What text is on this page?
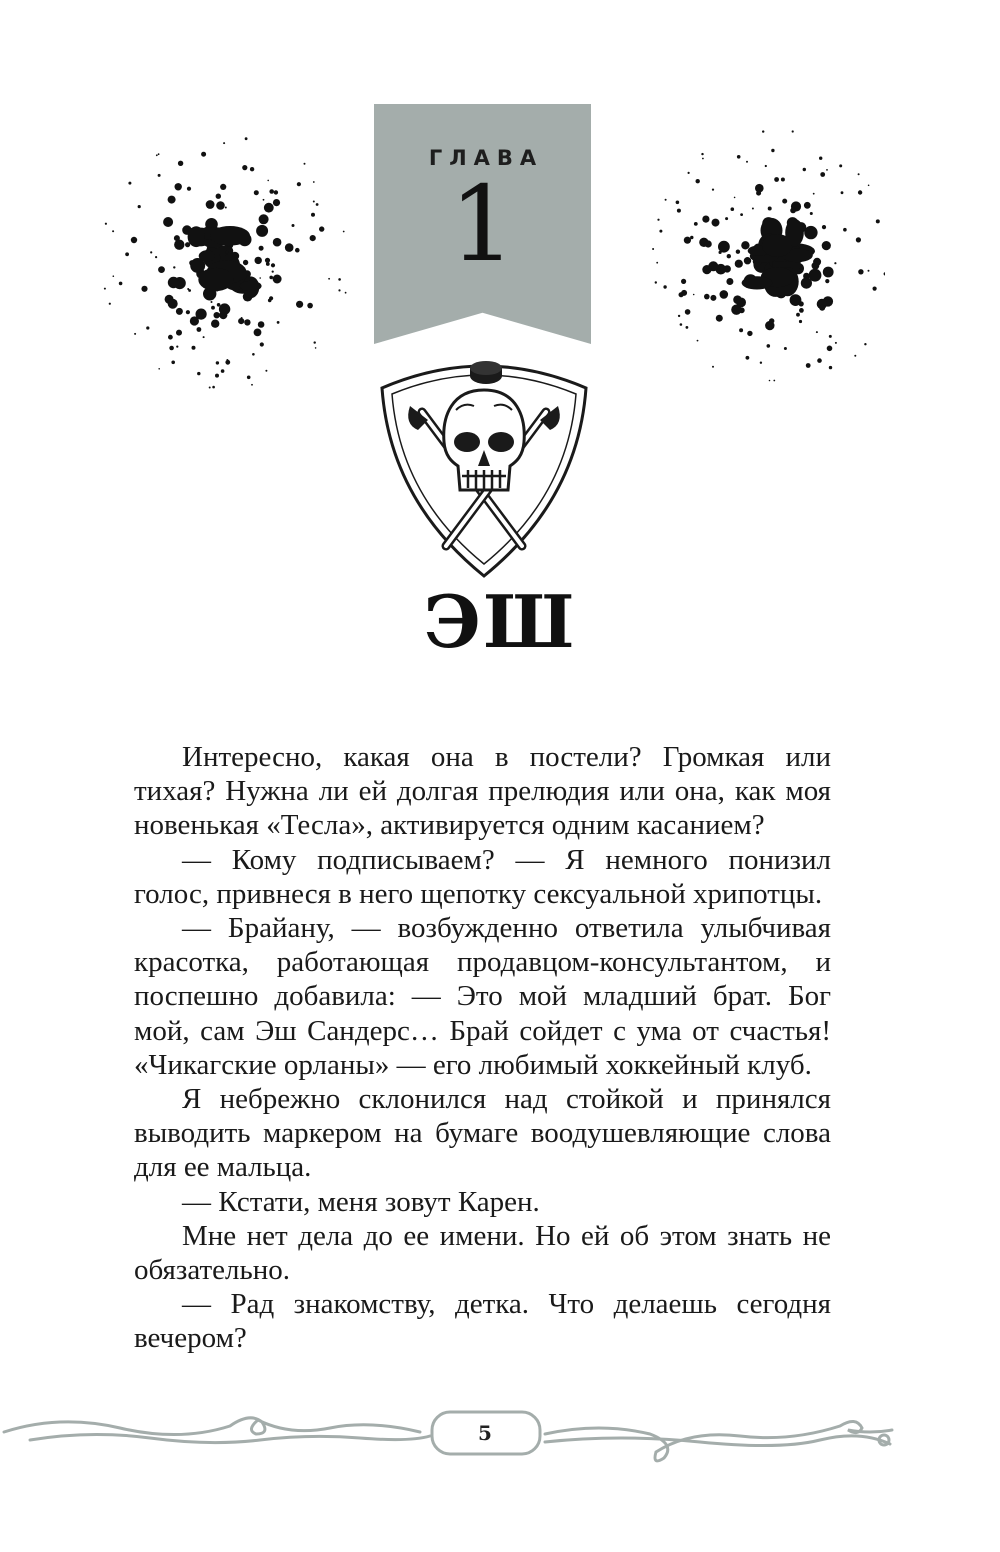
ГЛАВА
1
ЭШ

Интересно, какая она в постели? Громкая или тихая? Нужна ли ей долгая прелюдия или она, как моя новенькая «Тесла», активируется одним касанием?

— Кому подписываем? — Я немного понизил голос, привнеся в него щепотку сексуальной хрипотцы.

— Брайану, — возбужденно ответила улыбчивая красотка, работающая продавцом-консультантом, и поспешно добавила: — Это мой младший брат. Бог мой, сам Эш Сандерс… Брай сойдет с ума от счастья! «Чикагские орланы» — его любимый хоккейный клуб.

Я небрежно склонился над стойкой и принялся выводить маркером на бумаге воодушевляющие слова для ее мальца.

— Кстати, меня зовут Карен.

Мне нет дела до ее имени. Но ей об этом знать не обязательно.

— Рад знакомству, детка. Что делаешь сегодня вечером?

5
